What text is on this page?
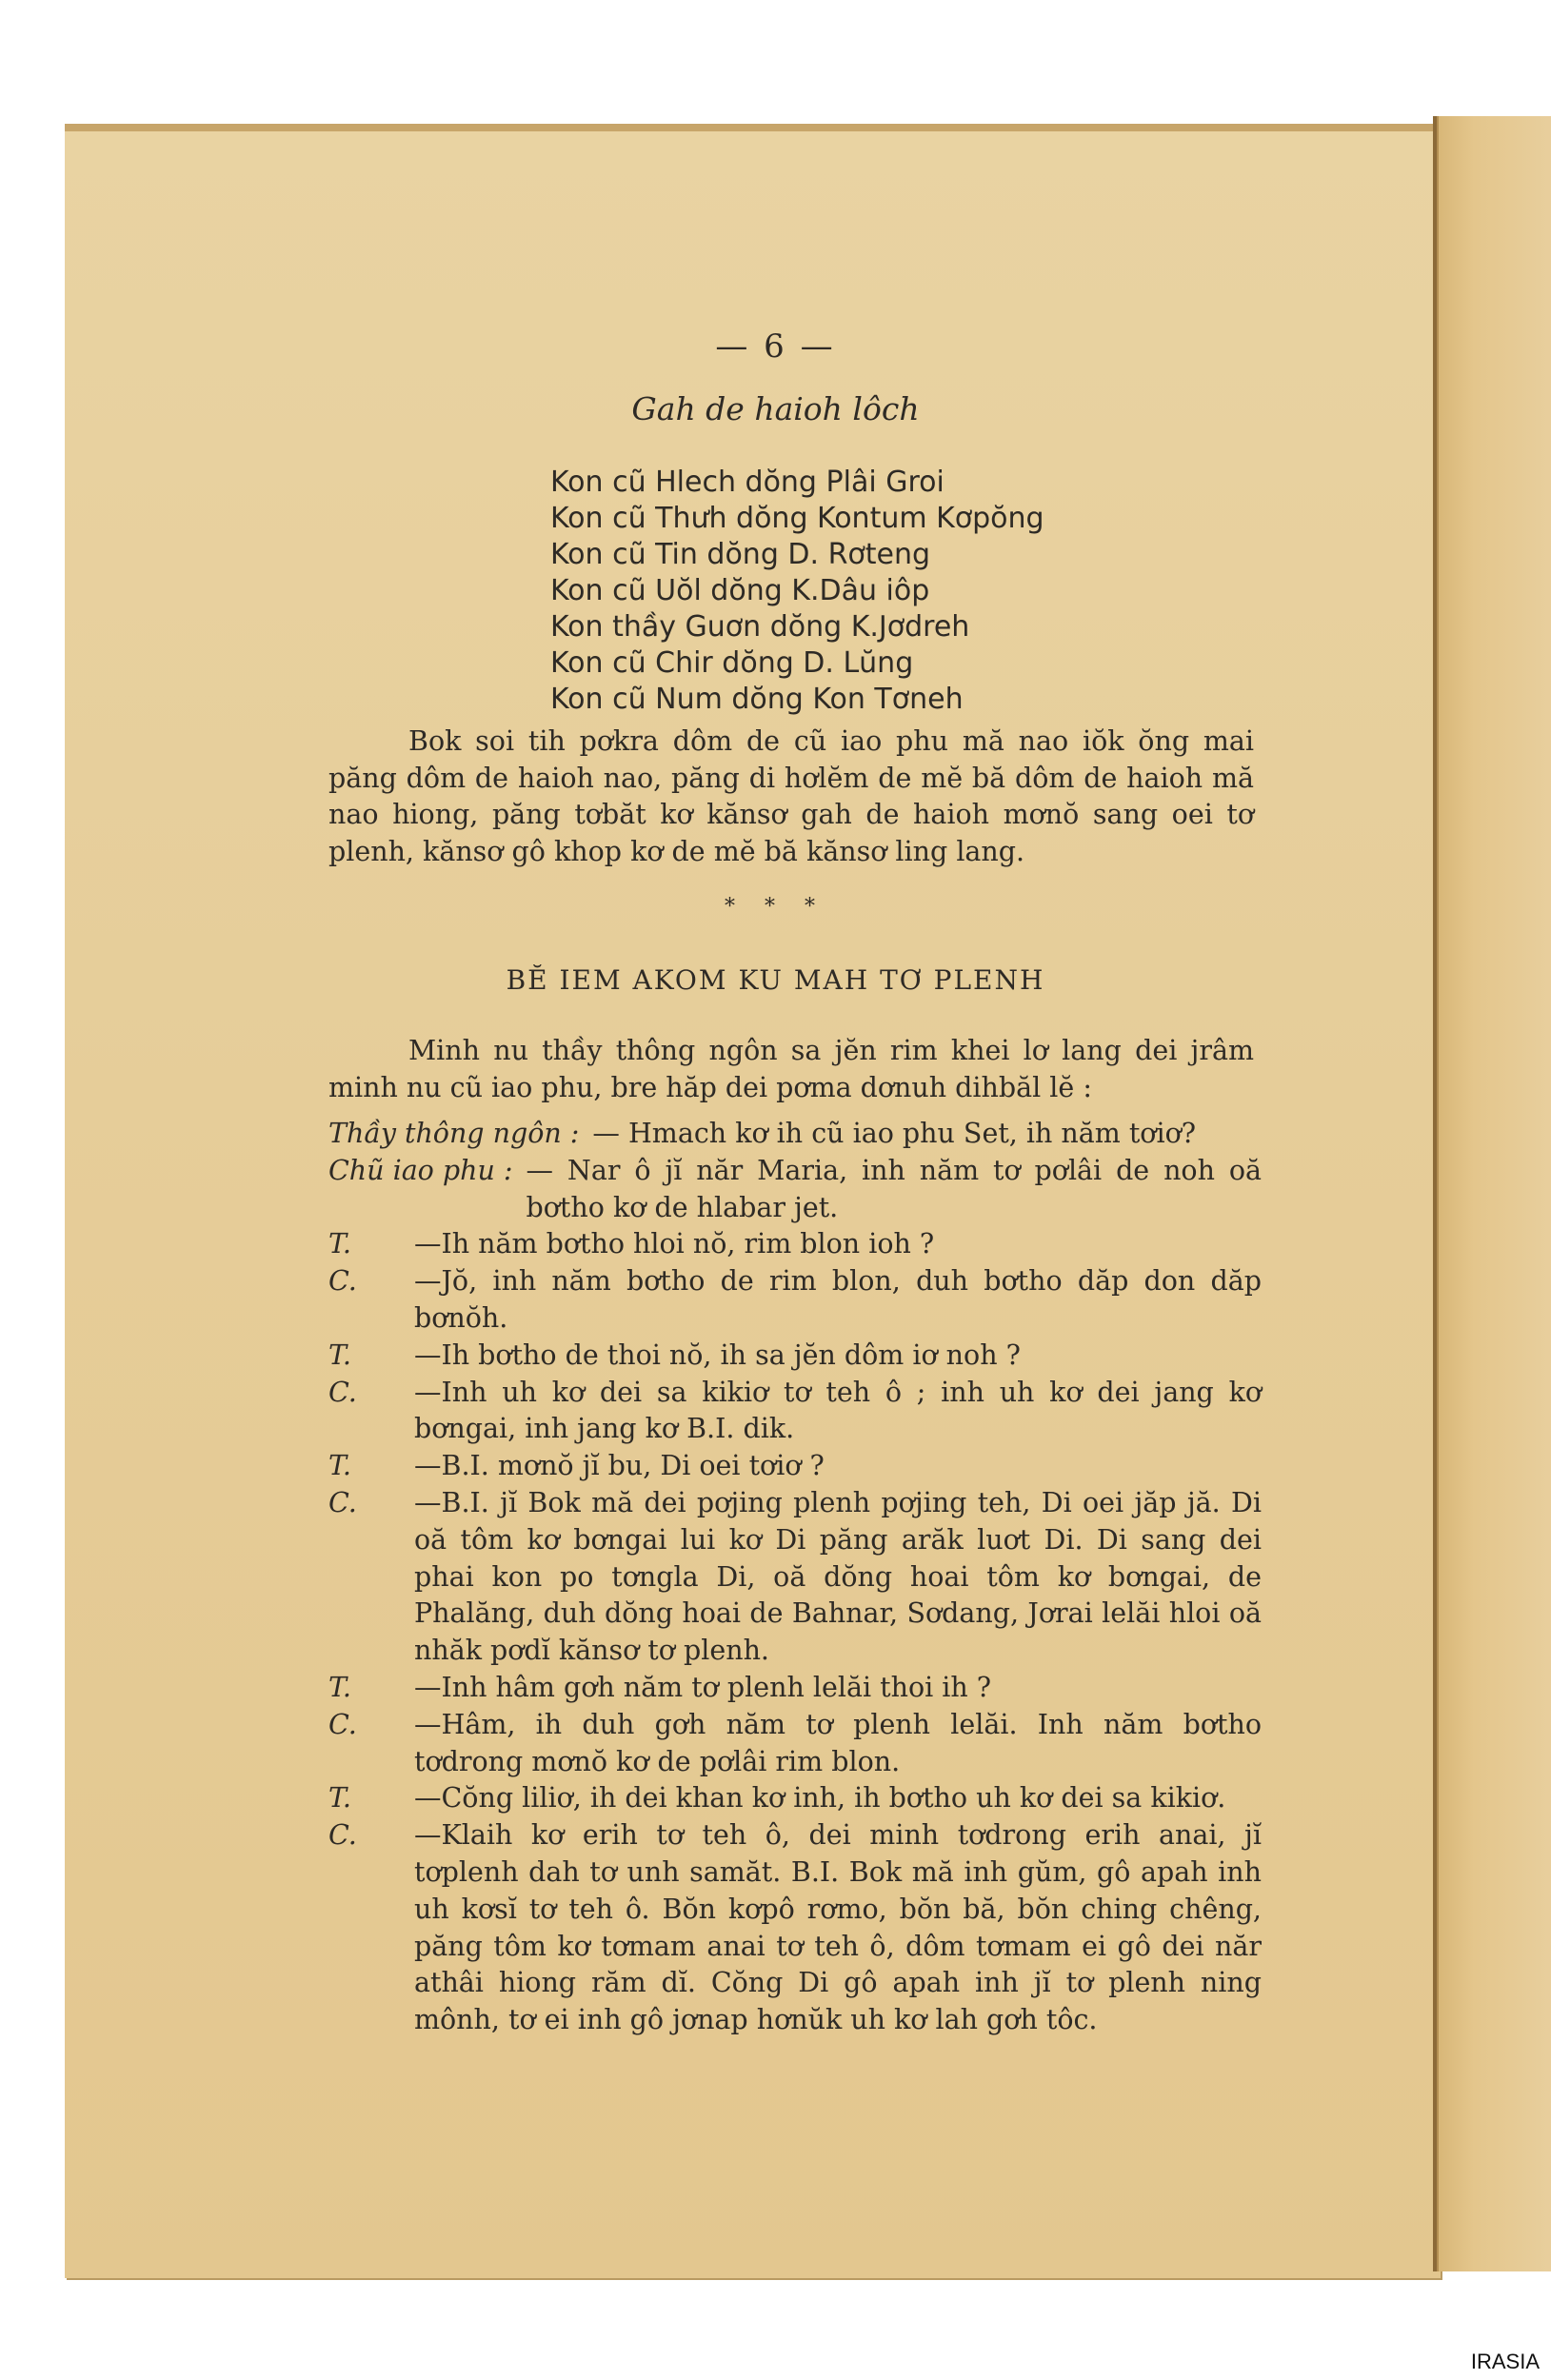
— 6 —
Gah de haioh lôch
Kon cũ Hlech dŏng Plâi Groi
Kon cũ Thưh dŏng Kontum Kơpŏng
Kon cũ Tin dŏng D. Rơteng
Kon cũ Uŏl dŏng K.Dâu iôp
Kon thầy Guơn dŏng K.Jơdreh
Kon cũ Chir dŏng D. Lŭng
Kon cũ Num dŏng Kon Tơneh
Bok soi tih pơkra dôm de cũ iao phu mă nao iŏk ŏng mai păng dôm de haioh nao, păng di hơlĕm de mĕ bă dôm de haioh mă nao hiong, păng tơbăt kơ kănsơ gah de haioh mơnŏ sang oei tơ plenh, kănsơ gô khop kơ de mĕ bă kănsơ ling lang.
* * *
BĔ IEM AKOM KU MAH TƠ PLENH
Minh nu thầy thông ngôn sa jĕn rim khei lơ lang dei jrâm minh nu cũ iao phu, bre hăp dei pơma dơnuh dihbăl lĕ :
Thầy thông ngôn : — Hmach kơ ih cũ iao phu Set, ih năm tơiơ?
Chũ iao phu : — Nar ô jĭ năr Maria, inh năm tơ pơlâi de noh oă bơtho kơ de hlabar jet.
T.	—Ih năm bơtho hloi nŏ, rim blon ioh ?
C.	—Jŏ, inh năm bơtho de rim blon, duh bơtho dăp don dăp bơnŏh.
T.	—Ih bơtho de thoi nŏ, ih sa jĕn dôm iơ noh ?
C.	—Inh uh kơ dei sa kikiơ tơ teh ô ; inh uh kơ dei jang kơ bơngai, inh jang kơ B.I. dik.
T.	—B.I. mơnŏ jĭ bu, Di oei tơiơ ?
C.	—B.I. jĭ Bok mă dei pơjing plenh pơjing teh, Di oei jăp jă. Di oă tôm kơ bơngai lui kơ Di păng arăk luơt Di. Di sang dei phai kon po tơngla Di, oă dŏng hoai tôm kơ bơngai, de Phalăng, duh dŏng hoai de Bahnar, Sơdang, Jơrai lelăi hloi oă nhăk pơdĭ kănsơ tơ plenh.
T.	—Inh hâm gơh năm tơ plenh lelăi thoi ih ?
C.	—Hâm, ih duh gơh năm tơ plenh lelăi. Inh năm bơtho tơdrong mơnŏ kơ de pơlâi rim blon.
T.	—Cŏng liliơ, ih dei khan kơ inh, ih bơtho uh kơ dei sa kikiơ.
C.	—Klaih kơ erih tơ teh ô, dei minh tơdrong erih anai, jĭ tơplenh dah tơ unh samăt. B.I. Bok mă inh gŭm, gô apah inh uh kơsĭ tơ teh ô. Bŏn kơpô rơmo, bŏn bă, bŏn ching chêng, păng tôm kơ tơmam anai tơ teh ô, dôm tơmam ei gô dei năr athâi hiong răm dĭ. Cŏng Di gô apah inh jĭ tơ plenh ning mônh, tơ ei inh gô jơnap hơnŭk uh kơ lah gơh tôc.
IRASIA
